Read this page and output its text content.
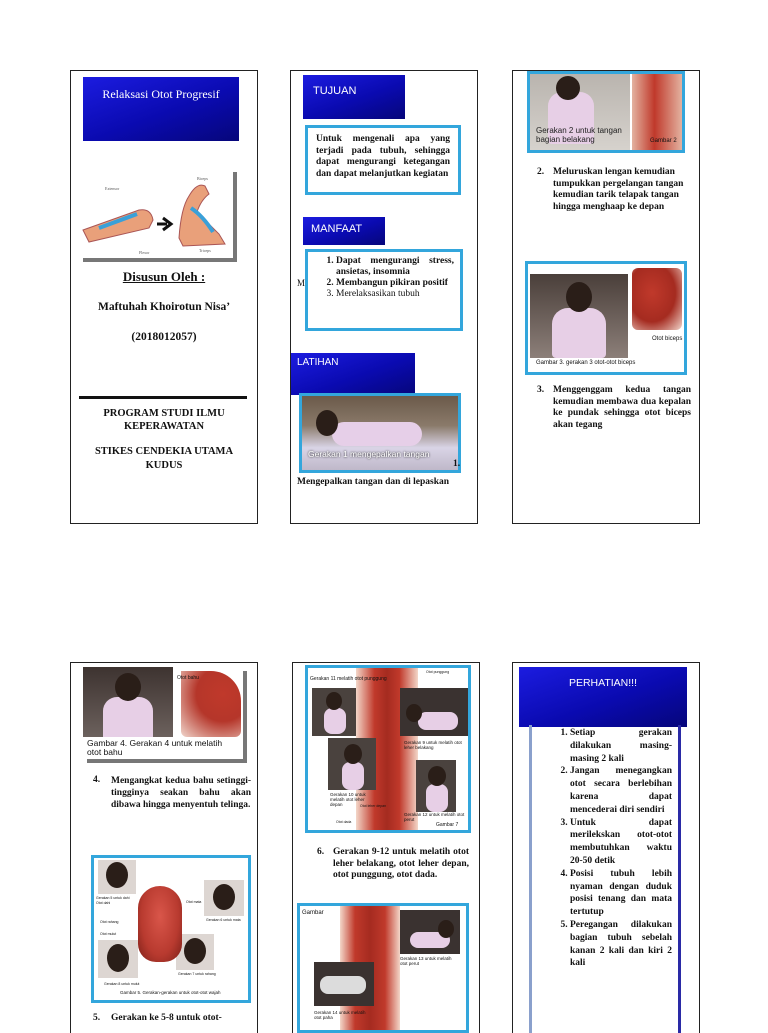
Relaksasi Otot Progresif
Extensor
Biceps
Triceps
Flexor
Disusun Oleh :
Maftuhah Khoirotun Nisa’
(2018012057)
PROGRAM STUDI ILMU KEPERAWATAN
STIKES CENDEKIA UTAMA KUDUS
TUJUAN
Untuk mengenali apa yang terjadi pada tubuh, sehingga dapat mengurangi ketegangan dan dapat melanjutkan kegiatan
MANFAAT
M
1. Dapat mengurangi stress, ansietas, insomnia
2. Membangun pikiran positif
3. Merelaksasikan tubuh
LATIHAN
Gerakan 1 mengepalkan tangan
1.
Mengepalkan tangan dan di lepaskan
Gerakan 2 untuk tangan bagian belakang	Gambar 2
2. Meluruskan lengan kemudian tumpukkan pergelangan tangan kemudian tarik telapak tangan hingga menghaap ke depan
Otot biceps
Gambar 3. gerakan 3 otot-otot biceps
3. Menggenggam kedua tangan kemudian membawa dua kepalan ke pundak sehingga otot biceps akan tegang
Otot bahu
Gambar 4. Gerakan 4 untuk melatih otot bahu
4. Mengangkat kedua bahu setinggi-tingginya seakan bahu akan dibawa hingga menyentuh telinga.
Gerakan 5 untuk dahi
Otot dahi
Gerakan 6 untuk mata
Otot mata
Otot rahang
Otot mulut
Gerakan 7 untuk rahang
Gerakan 8 untuk mulut
Gambar 5. Gerakan-gerakan untuk otot-otot wajah
5. Gerakan ke 5-8 untuk otot-
Gerakan 11 melatih otot punggung
Otot punggung
Gerakan 9 untuk melatih otot leher belakang
Gerakan 10 untuk melatih otot leher depan
Gerakan 12 untuk melatih otot perut
Otot leher depan
Otot dada	Gambar 7
6. Gerakan 9-12 untuk melatih otot leher belakang, otot leher depan, otot punggung, otot dada.
Gambar
Gerakan 13 untuk melatih otot perut
Gerakan 14 untuk melatih otot paha
PERHATIAN!!!
1. Setiap gerakan dilakukan masing-masing 2 kali
2. Jangan menegangkan otot secara berlebihan karena dapat mencederai diri sendiri
3. Untuk dapat merilekskan otot-otot membutuhkan waktu 20-50 detik
4. Posisi tubuh lebih nyaman dengan duduk posisi tenang dan mata tertutup
5. Peregangan dilakukan bagian tubuh sebelah kanan 2 kali dan kiri 2 kali
